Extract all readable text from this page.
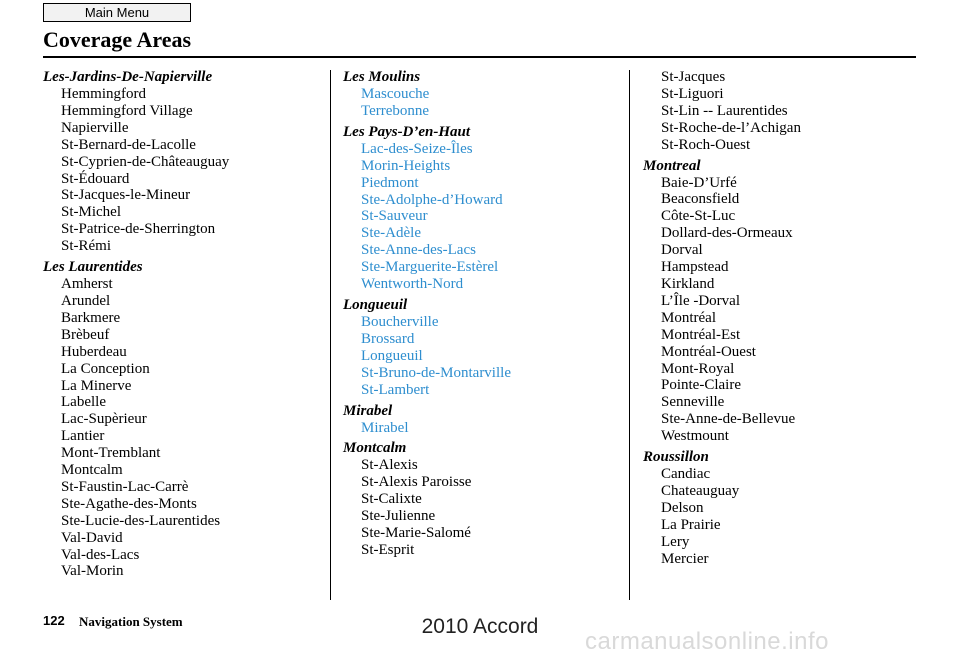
Main Menu
Coverage Areas
Les-Jardins-De-Napierville
Hemmingford
Hemmingford Village
Napierville
St-Bernard-de-Lacolle
St-Cyprien-de-Châteauguay
St-Édouard
St-Jacques-le-Mineur
St-Michel
St-Patrice-de-Sherrington
St-Rémi
Les Laurentides
Amherst
Arundel
Barkmere
Brèbeuf
Huberdeau
La Conception
La Minerve
Labelle
Lac-Supèrieur
Lantier
Mont-Tremblant
Montcalm
St-Faustin-Lac-Carrè
Ste-Agathe-des-Monts
Ste-Lucie-des-Laurentides
Val-David
Val-des-Lacs
Val-Morin
Les Moulins
Mascouche
Terrebonne
Les Pays-D’en-Haut
Lac-des-Seize-Îles
Morin-Heights
Piedmont
Ste-Adolphe-d’Howard
St-Sauveur
Ste-Adèle
Ste-Anne-des-Lacs
Ste-Marguerite-Estèrel
Wentworth-Nord
Longueuil
Boucherville
Brossard
Longueuil
St-Bruno-de-Montarville
St-Lambert
Mirabel
Mirabel
Montcalm
St-Alexis
St-Alexis Paroisse
St-Calixte
Ste-Julienne
Ste-Marie-Salomé
St-Esprit
St-Jacques
St-Liguori
St-Lin -- Laurentides
St-Roche-de-l’Achigan
St-Roch-Ouest
Montreal
Baie-D’Urfé
Beaconsfield
Côte-St-Luc
Dollard-des-Ormeaux
Dorval
Hampstead
Kirkland
L’Île -Dorval
Montréal
Montréal-Est
Montréal-Ouest
Mont-Royal
Pointe-Claire
Senneville
Ste-Anne-de-Bellevue
Westmount
Roussillon
Candiac
Chateauguay
Delson
La Prairie
Lery
Mercier
122 Navigation System	2010 Accord
carmanualsonline.info
